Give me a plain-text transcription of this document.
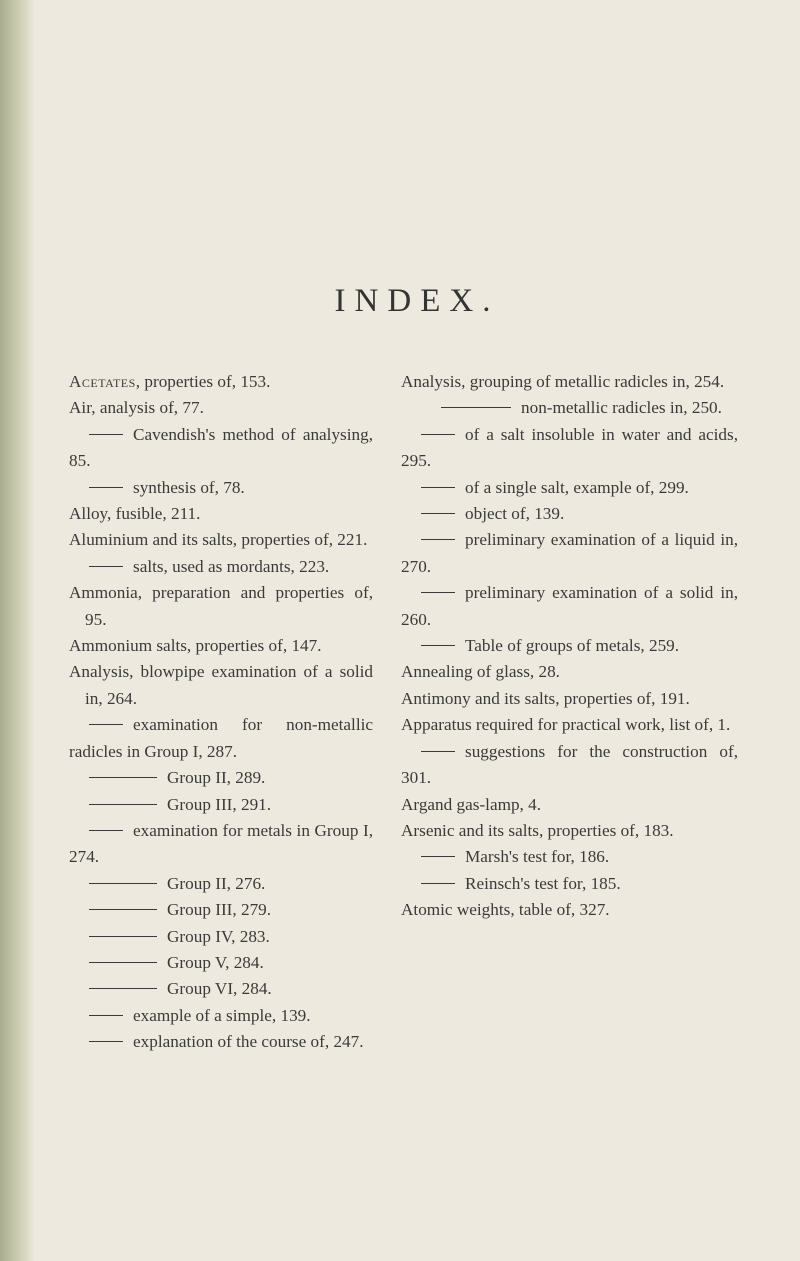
INDEX.
Acetates, properties of, 153.
Air, analysis of, 77.
Cavendish's method of analysing, 85.
synthesis of, 78.
Alloy, fusible, 211.
Aluminium and its salts, properties of, 221.
salts, used as mordants, 223.
Ammonia, preparation and properties of, 95.
Ammonium salts, properties of, 147.
Analysis, blowpipe examination of a solid in, 264.
examination for non-metallic radicles in Group I, 287.
Group II, 289.
Group III, 291.
examination for metals in Group I, 274.
Group II, 276.
Group III, 279.
Group IV, 283.
Group V, 284.
Group VI, 284.
example of a simple, 139.
explanation of the course of, 247.
Analysis, grouping of metallic radicles in, 254.
non-metallic radicles in, 250.
of a salt insoluble in water and acids, 295.
of a single salt, example of, 299.
object of, 139.
preliminary examination of a liquid in, 270.
preliminary examination of a solid in, 260.
Table of groups of metals, 259.
Annealing of glass, 28.
Antimony and its salts, properties of, 191.
Apparatus required for practical work, list of, 1.
suggestions for the construction of, 301.
Argand gas-lamp, 4.
Arsenic and its salts, properties of, 183.
Marsh's test for, 186.
Reinsch's test for, 185.
Atomic weights, table of, 327.
